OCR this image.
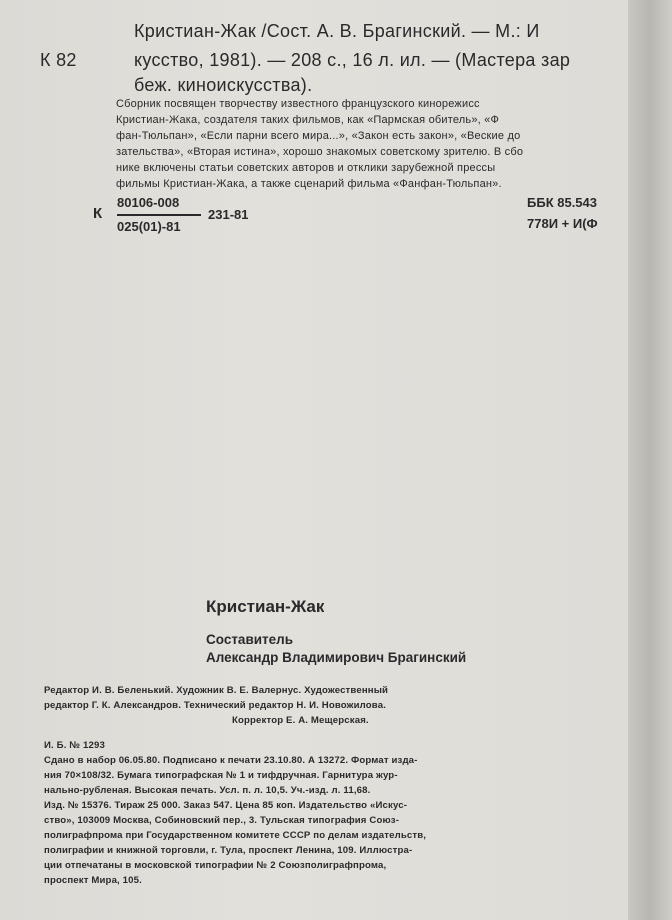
Кристиан-Жак /Сост. А. В. Брагинский. — М.: И
К 82	кусство, 1981). — 208 с., 16 л. ил. — (Мастера зар
беж. киноискусства).
Сборник посвящен творчеству известного французского кинорежисс
Кристиан-Жака, создателя таких фильмов, как «Пармская обитель», «Ф
фан-Тюльпан», «Если парни всего мира...», «Закон есть закон», «Веские до
зательства», «Вторая истина», хорошо знакомых советскому зрителю. В сбо
нике включены статьи советских авторов и отклики зарубежной прессы
фильмы Кристиан-Жака, а также сценарий фильма «Фанфан-Тюльпан».
К
80106-008
025(01)-81
231-81
ББК 85.543
778И + И(Ф
Кристиан-Жак
Составитель
Александр Владимирович Брагинский
Редактор И. В. Беленький. Художник В. Е. Валернус. Художественный
редактор Г. К. Александров. Технический редактор Н. И. Новожилова.
Корректор Е. А. Мещерская.
И. Б. № 1293
Сдано в набор 06.05.80. Подписано к печати 23.10.80. А 13272. Формат изда-
ния 70×108/32. Бумага типографская № 1 и тифдручная. Гарнитура жур-
нально-рубленая. Высокая печать. Усл. п. л. 10,5. Уч.-изд. л. 11,68.
Изд. № 15376. Тираж 25 000. Заказ 547. Цена 85 коп. Издательство «Искус-
ство», 103009 Москва, Собиновский пер., 3. Тульская типография Союз-
полиграфпрома при Государственном комитете СССР по делам издательств,
полиграфии и книжной торговли, г. Тула, проспект Ленина, 109. Иллюстра-
ции отпечатаны в московской типографии № 2 Союзполиграфпрома,
проспект Мира, 105.
